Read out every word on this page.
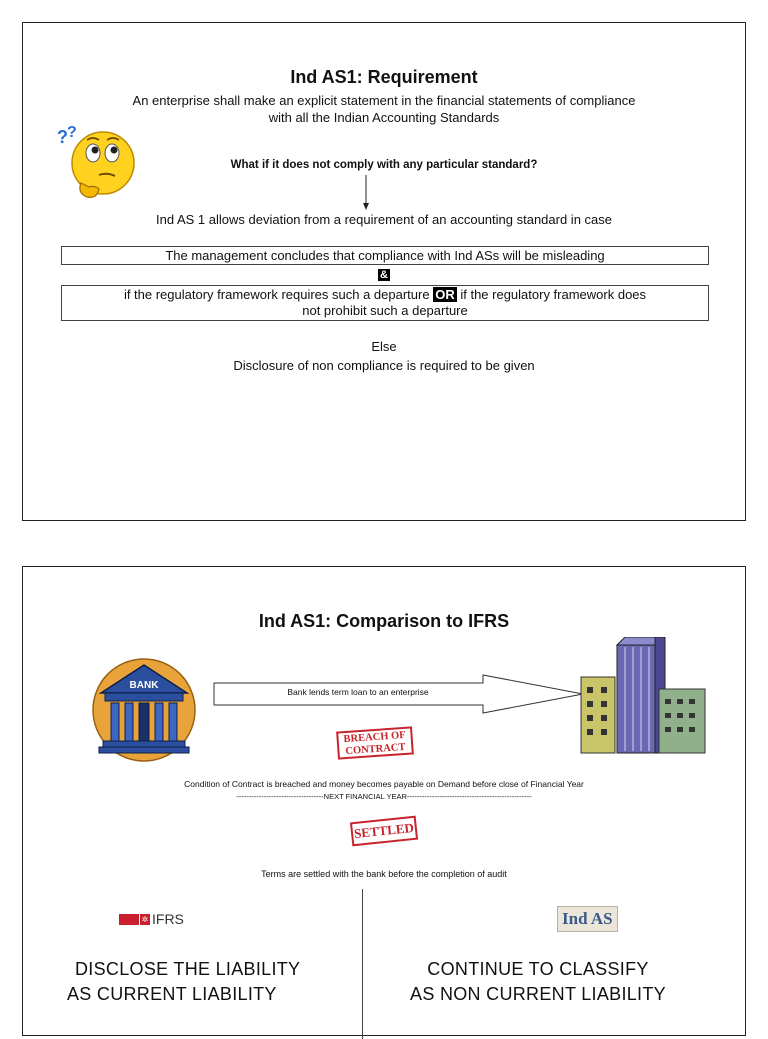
Ind AS1: Requirement
An enterprise shall make an explicit statement in the financial statements of compliance
with all the Indian Accounting Standards
? ?
What if it does not comply with any particular standard?
Ind AS 1 allows deviation from a requirement of an accounting standard in case
The management concludes that compliance with Ind ASs will be misleading
&
if the regulatory framework requires such a departure OR if the regulatory framework does
not prohibit such a departure
Else
Disclosure of non compliance is required to be given
Ind AS1: Comparison to IFRS
BANK
Bank lends term loan to an enterprise
BREACH OF
CONTRACT
Condition of Contract is breached and money becomes payable on Demand before close of Financial Year
-----------------------------------NEXT FINANCIAL YEAR--------------------------------------------------
SETTLED
Terms are settled with the bank before the completion of audit
✲ IFRS	Ind AS
DISCLOSE THE LIABILITY
AS CURRENT LIABILITY
CONTINUE TO CLASSIFY
AS NON CURRENT LIABILITY
